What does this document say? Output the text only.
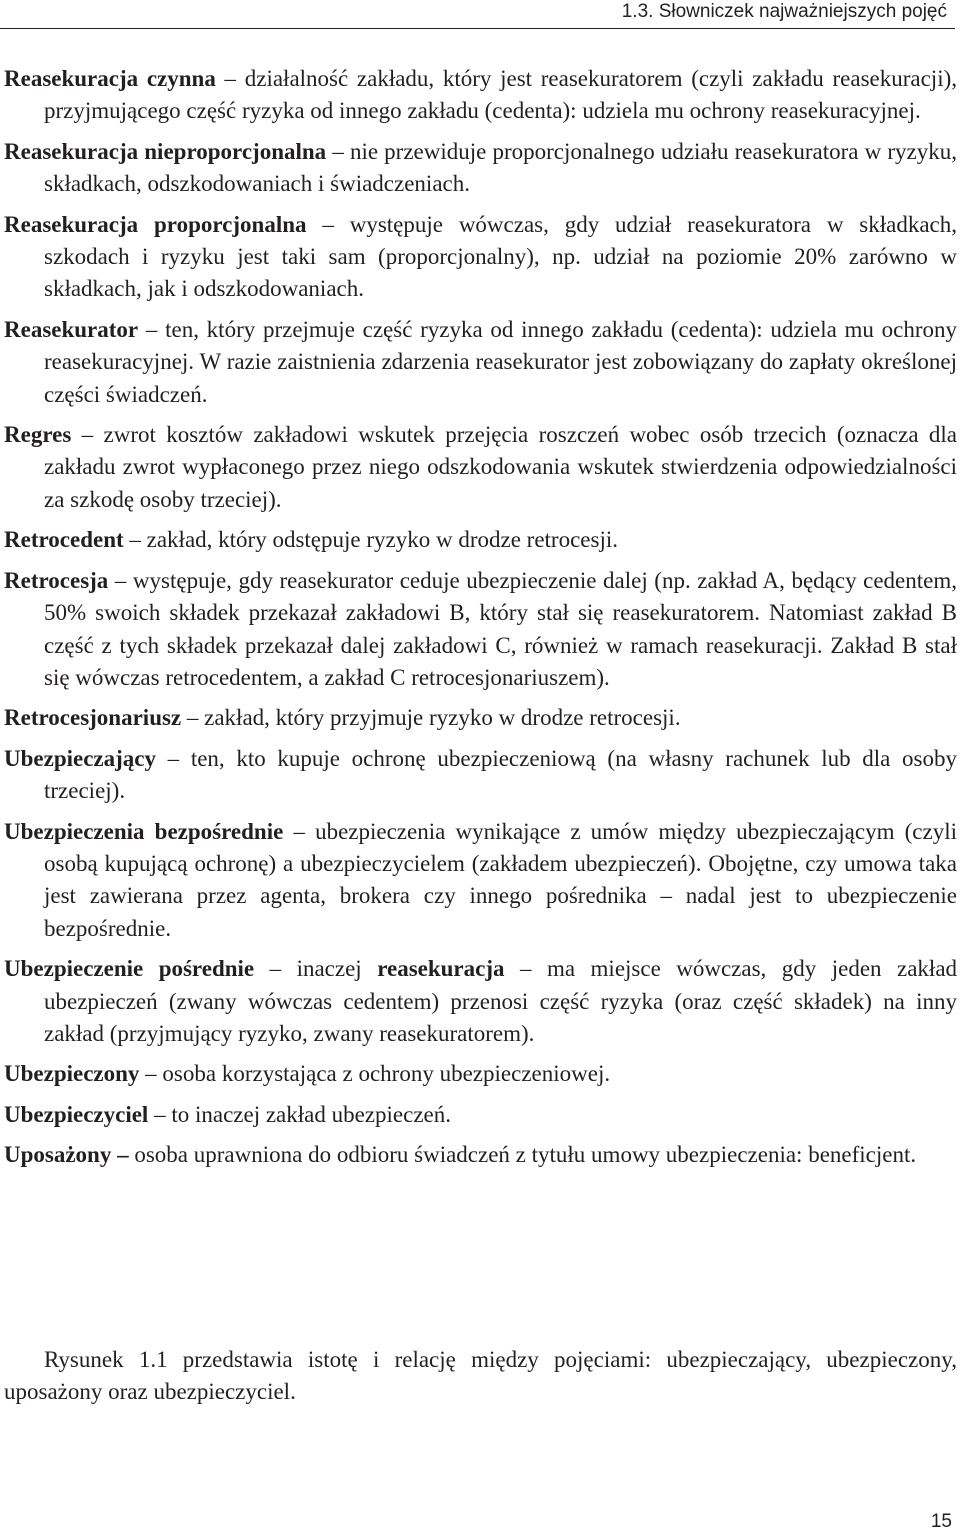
1.3. Słowniczek najważniejszych pojęć

Reasekuracja czynna – działalność zakładu, który jest reasekuratorem (czyli zakładu reasekuracji), przyjmującego część ryzyka od innego zakładu (cedenta): udziela mu ochrony reasekuracyjnej.

Reasekuracja nieproporcjonalna – nie przewiduje proporcjonalnego udziału reasekuratora w ryzyku, składkach, odszkodowaniach i świadczeniach.

Reasekuracja proporcjonalna – występuje wówczas, gdy udział reasekuratora w składkach, szkodach i ryzyku jest taki sam (proporcjonalny), np. udział na poziomie 20% zarówno w składkach, jak i odszkodowaniach.

Reasekurator – ten, który przejmuje część ryzyka od innego zakładu (cedenta): udziela mu ochrony reasekuracyjnej. W razie zaistnienia zdarzenia reasekurator jest zobowiązany do zapłaty określonej części świadczeń.

Regres – zwrot kosztów zakładowi wskutek przejęcia roszczeń wobec osób trzecich (oznacza dla zakładu zwrot wypłaconego przez niego odszkodowania wskutek stwierdzenia odpowiedzialności za szkodę osoby trzeciej).

Retrocedent – zakład, który odstępuje ryzyko w drodze retrocesji.

Retrocesja – występuje, gdy reasekurator ceduje ubezpieczenie dalej (np. zakład A, będący cedentem, 50% swoich składek przekazał zakładowi B, który stał się reasekuratorem. Natomiast zakład B część z tych składek przekazał dalej zakładowi C, również w ramach reasekuracji. Zakład B stał się wówczas retrocedentem, a zakład C retrocesjonariuszem).

Retrocesjonariusz – zakład, który przyjmuje ryzyko w drodze retrocesji.

Ubezpieczający – ten, kto kupuje ochronę ubezpieczeniową (na własny rachunek lub dla osoby trzeciej).

Ubezpieczenia bezpośrednie – ubezpieczenia wynikające z umów między ubezpieczającym (czyli osobą kupującą ochronę) a ubezpieczycielem (zakładem ubezpieczeń). Obojętne, czy umowa taka jest zawierana przez agenta, brokera czy innego pośrednika – nadal jest to ubezpieczenie bezpośrednie.

Ubezpieczenie pośrednie – inaczej reasekuracja – ma miejsce wówczas, gdy jeden zakład ubezpieczeń (zwany wówczas cedentem) przenosi część ryzyka (oraz część składek) na inny zakład (przyjmujący ryzyko, zwany reasekuratorem).

Ubezpieczony – osoba korzystająca z ochrony ubezpieczeniowej.

Ubezpieczyciel – to inaczej zakład ubezpieczeń.

Uposażony – osoba uprawniona do odbioru świadczeń z tytułu umowy ubezpieczenia: beneficjent.

Rysunek 1.1 przedstawia istotę i relację między pojęciami: ubezpieczający, ubezpieczony, uposażony oraz ubezpieczyciel.

15
